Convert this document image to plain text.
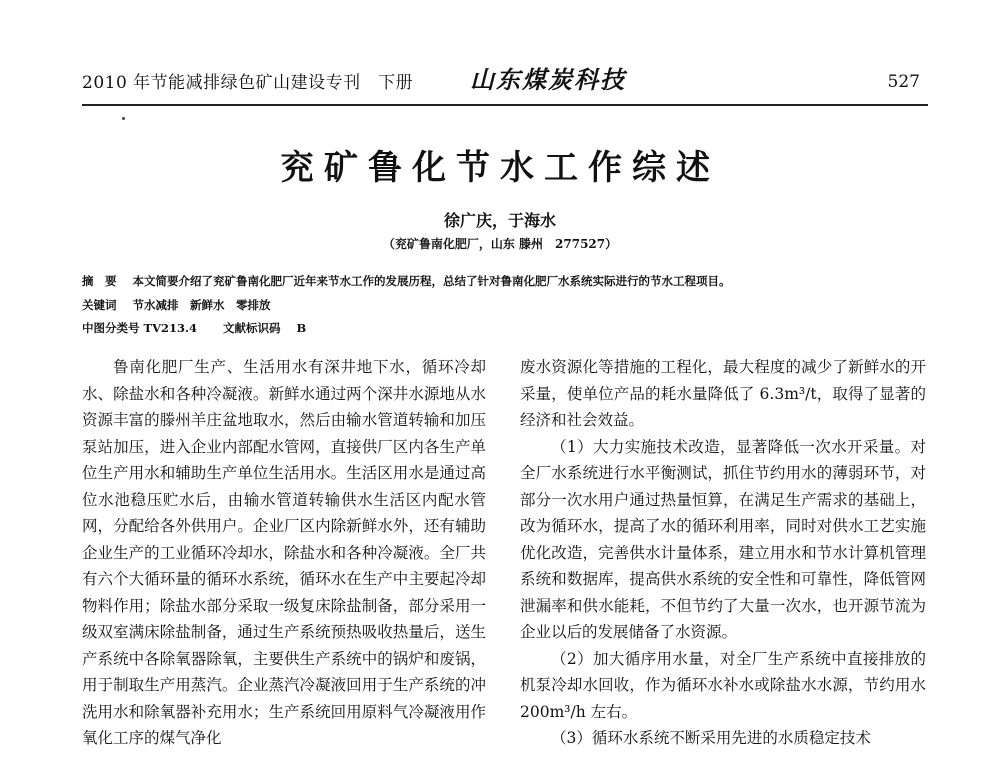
2010 年节能减排绿色矿山建设专刊　下册 山东煤炭科技	527
兖矿鲁化节水工作综述
徐广庆，于海水
（兖矿鲁南化肥厂，山东 滕州　277527）
摘　要 本文简要介绍了兖矿鲁南化肥厂近年来节水工作的发展历程，总结了针对鲁南化肥厂水系统实际进行的节水工程项目。
关键词 节水减排　新鲜水　零排放
中图分类号 TV213.4 文献标识码 B

鲁南化肥厂生产、生活用水有深井地下水，循环冷却水、除盐水和各种冷凝液。新鲜水通过两个深井水源地从水资源丰富的滕州羊庄盆地取水，然后由输水管道转输和加压泵站加压，进入企业内部配水管网，直接供厂区内各生产单位生产用水和辅助生产单位生活用水。生活区用水是通过高位水池稳压贮水后，由输水管道转输供水生活区内配水管网，分配给各外供用户。企业厂区内除新鲜水外，还有辅助企业生产的工业循环冷却水，除盐水和各种冷凝液。全厂共有六个大循环量的循环水系统，循环水在生产中主要起冷却物料作用；除盐水部分采取一级复床除盐制备，部分采用一级双室满床除盐制备，通过生产系统预热吸收热量后，送生产系统中各除氧器除氧，主要供生产系统中的锅炉和废锅，用于制取生产用蒸汽。企业蒸汽冷凝液回用于生产系统的冲洗用水和除氧器补充用水；生产系统回用原料气冷凝液用作氧化工序的煤气净化

废水资源化等措施的工程化，最大程度的减少了新鲜水的开采量，使单位产品的耗水量降低了 6.3m³/t，取得了显著的经济和社会效益。

（1）大力实施技术改造，显著降低一次水开采量。对全厂水系统进行水平衡测试，抓住节约用水的薄弱环节，对部分一次水用户通过热量恒算，在满足生产需求的基础上，改为循环水，提高了水的循环利用率，同时对供水工艺实施优化改造，完善供水计量体系，建立用水和节水计算机管理系统和数据库，提高供水系统的安全性和可靠性，降低管网泄漏率和供水能耗，不但节约了大量一次水，也开源节流为企业以后的发展储备了水资源。

（2）加大循序用水量，对全厂生产系统中直接排放的机泵冷却水回收，作为循环水补水或除盐水水源，节约用水 200m³/h 左右。

（3）循环水系统不断采用先进的水质稳定技术
